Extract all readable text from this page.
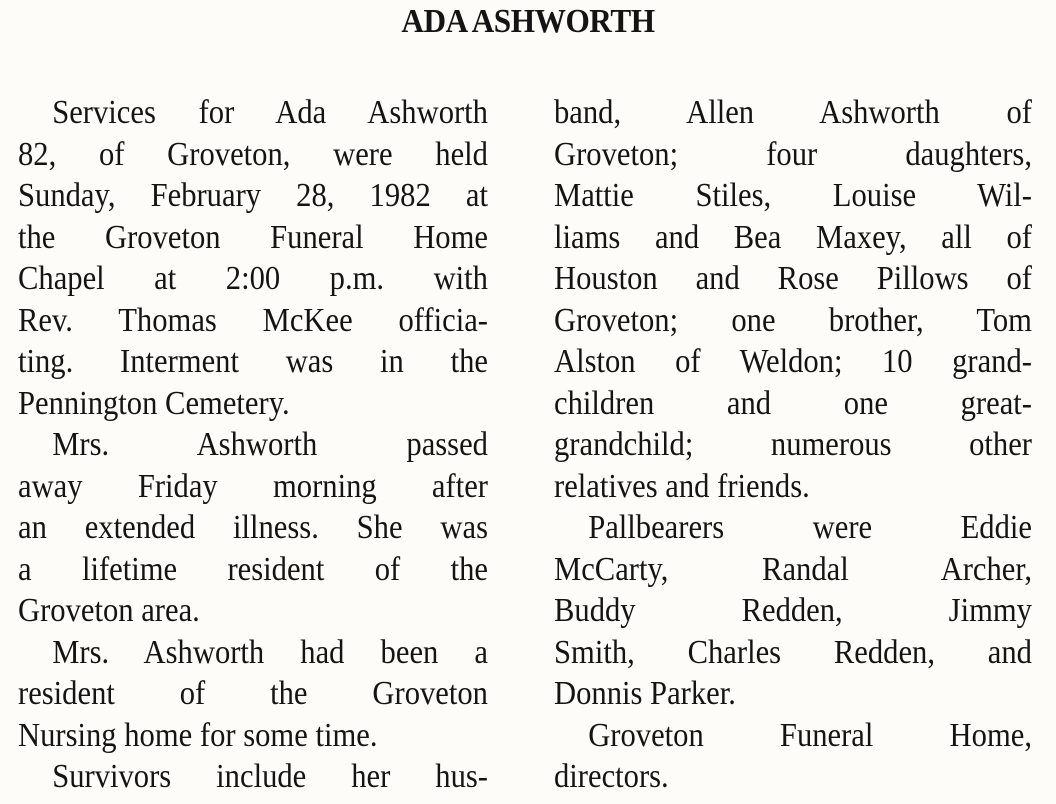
ADA ASHWORTH
Services for Ada Ashworth
82, of Groveton, were held
Sunday, February 28, 1982 at
the Groveton Funeral Home
Chapel at 2:00 p.m. with
Rev. Thomas McKee officia-
ting. Interment was in the
Pennington Cemetery.
Mrs. Ashworth passed
away Friday morning after
an extended illness. She was
a lifetime resident of the
Groveton area.
Mrs. Ashworth had been a
resident of the Groveton
Nursing home for some time.
Survivors include her hus-
band, Allen Ashworth of
Groveton; four daughters,
Mattie Stiles, Louise Wil-
liams and Bea Maxey, all of
Houston and Rose Pillows of
Groveton; one brother, Tom
Alston of Weldon; 10 grand-
children and one great-
grandchild; numerous other
relatives and friends.
Pallbearers were Eddie
McCarty, Randal Archer,
Buddy Redden, Jimmy
Smith, Charles Redden, and
Donnis Parker.
Groveton Funeral Home,
directors.
